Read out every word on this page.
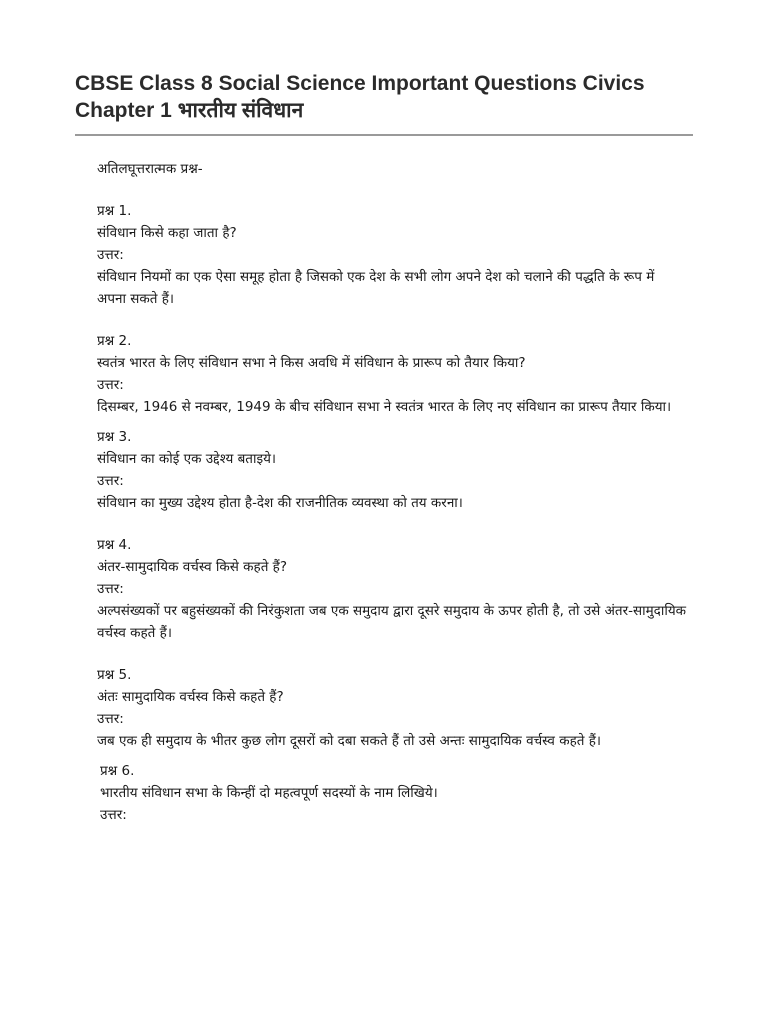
CBSE Class 8 Social Science Important Questions Civics Chapter 1 भारतीय संविधान

अतिलघूत्तरात्मक प्रश्न-

प्रश्न 1.

संविधान किसे कहा जाता है?

उत्तर:

संविधान नियमों का एक ऐसा समूह होता है जिसको एक देश के सभी लोग अपने देश को चलाने की पद्धति के रूप में अपना सकते हैं।

प्रश्न 2.

स्वतंत्र भारत के लिए संविधान सभा ने किस अवधि में संविधान के प्रारूप को तैयार किया?

उत्तर:

दिसम्बर, 1946 से नवम्बर, 1949 के बीच संविधान सभा ने स्वतंत्र भारत के लिए नए संविधान का प्रारूप तैयार किया।

प्रश्न 3.

संविधान का कोई एक उद्देश्य बताइये।

उत्तर:

संविधान का मुख्य उद्देश्य होता है-देश की राजनीतिक व्यवस्था को तय करना।

प्रश्न 4.

अंतर-सामुदायिक वर्चस्व किसे कहते हैं?

उत्तर:

अल्पसंख्यकों पर बहुसंख्यकों की निरंकुशता जब एक समुदाय द्वारा दूसरे समुदाय के ऊपर होती है, तो उसे अंतर-सामुदायिक वर्चस्व कहते हैं।

प्रश्न 5.

अंतः सामुदायिक वर्चस्व किसे कहते हैं?

उत्तर:

जब एक ही समुदाय के भीतर कुछ लोग दूसरों को दबा सकते हैं तो उसे अन्तः सामुदायिक वर्चस्व कहते हैं।

प्रश्न 6.

भारतीय संविधान सभा के किन्हीं दो महत्वपूर्ण सदस्यों के नाम लिखिये।

उत्तर:
